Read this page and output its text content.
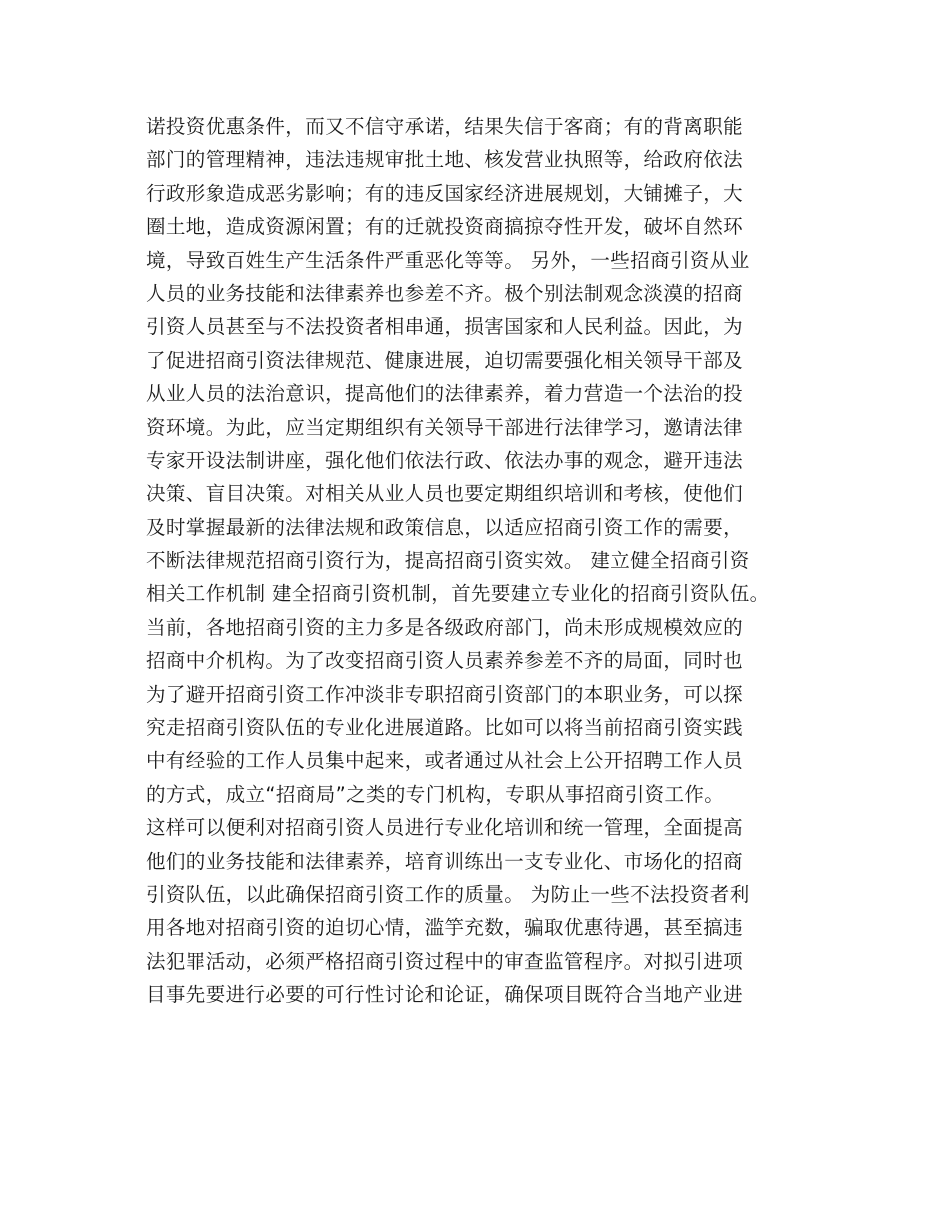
诺投资优惠条件，而又不信守承诺，结果失信于客商；有的背离职能
部门的管理精神，违法违规审批土地、核发营业执照等，给政府依法
行政形象造成恶劣影响；有的违反国家经济进展规划，大铺摊子，大
圈土地，造成资源闲置；有的迁就投资商搞掠夺性开发，破坏自然环
境，导致百姓生产生活条件严重恶化等等。 另外，一些招商引资从业
人员的业务技能和法律素养也参差不齐。极个别法制观念淡漠的招商
引资人员甚至与不法投资者相串通，损害国家和人民利益。因此，为
了促进招商引资法律规范、健康进展，迫切需要强化相关领导干部及
从业人员的法治意识，提高他们的法律素养，着力营造一个法治的投
资环境。为此，应当定期组织有关领导干部进行法律学习，邀请法律
专家开设法制讲座，强化他们依法行政、依法办事的观念，避开违法
决策、盲目决策。对相关从业人员也要定期组织培训和考核，使他们
及时掌握最新的法律法规和政策信息，以适应招商引资工作的需要，
不断法律规范招商引资行为，提高招商引资实效。 建立健全招商引资
相关工作机制 建全招商引资机制，首先要建立专业化的招商引资队伍。
当前，各地招商引资的主力多是各级政府部门，尚未形成规模效应的
招商中介机构。为了改变招商引资人员素养参差不齐的局面，同时也
为了避开招商引资工作冲淡非专职招商引资部门的本职业务，可以探
究走招商引资队伍的专业化进展道路。比如可以将当前招商引资实践
中有经验的工作人员集中起来，或者通过从社会上公开招聘工作人员
的方式，成立“招商局”之类的专门机构，专职从事招商引资工作。
这样可以便利对招商引资人员进行专业化培训和统一管理，全面提高
他们的业务技能和法律素养，培育训练出一支专业化、市场化的招商
引资队伍，以此确保招商引资工作的质量。 为防止一些不法投资者利
用各地对招商引资的迫切心情，滥竽充数，骗取优惠待遇，甚至搞违
法犯罪活动，必须严格招商引资过程中的审查监管程序。对拟引进项
目事先要进行必要的可行性讨论和论证，确保项目既符合当地产业进
